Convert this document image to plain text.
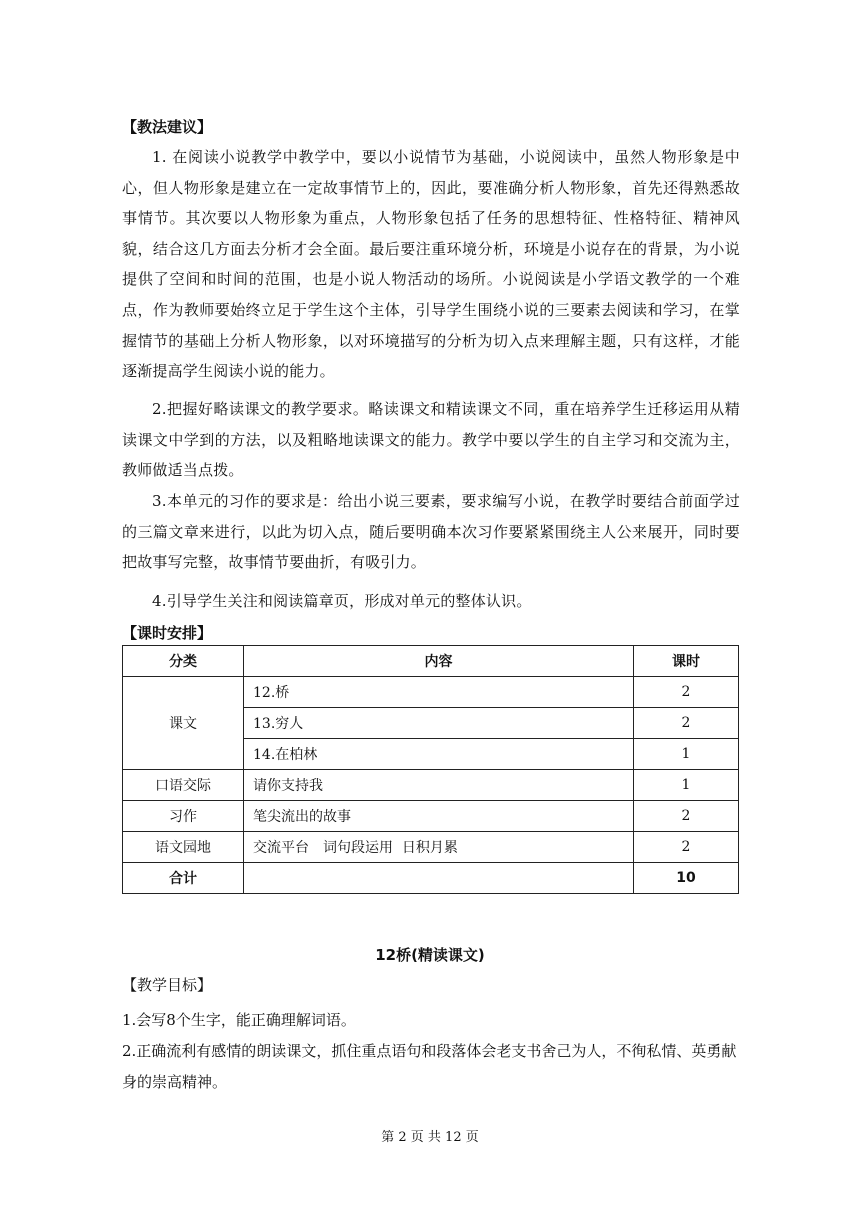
【教法建议】

1. 在阅读小说教学中教学中，要以小说情节为基础，小说阅读中，虽然人物形象是中心，但人物形象是建立在一定故事情节上的，因此，要准确分析人物形象，首先还得熟悉故事情节。其次要以人物形象为重点，人物形象包括了任务的思想特征、性格特征、精神风貌，结合这几方面去分析才会全面。最后要注重环境分析，环境是小说存在的背景，为小说提供了空间和时间的范围，也是小说人物活动的场所。小说阅读是小学语文教学的一个难点，作为教师要始终立足于学生这个主体，引导学生围绕小说的三要素去阅读和学习，在掌握情节的基础上分析人物形象，以对环境描写的分析为切入点来理解主题，只有这样，才能逐渐提高学生阅读小说的能力。

2.把握好略读课文的教学要求。略读课文和精读课文不同，重在培养学生迁移运用从精读课文中学到的方法，以及粗略地读课文的能力。教学中要以学生的自主学习和交流为主，教师做适当点拨。

3.本单元的习作的要求是：给出小说三要素，要求编写小说，在教学时要结合前面学过的三篇文章来进行，以此为切入点，随后要明确本次习作要紧紧围绕主人公来展开，同时要把故事写完整，故事情节要曲折，有吸引力。

4.引导学生关注和阅读篇章页，形成对单元的整体认识。

【课时安排】

分类	内容	课时
课文	12.桥	2
	13.穷人	2
	14.在柏林	1
口语交际	请你支持我	1
习作	笔尖流出的故事	2
语文园地	交流平台　词句段运用  日积月累	2
合计		10

12桥(精读课文)

【教学目标】

1.会写8个生字，能正确理解词语。

2.正确流利有感情的朗读课文，抓住重点语句和段落体会老支书舍己为人，不徇私情、英勇献身的崇高精神。

第 2 页 共 12 页
